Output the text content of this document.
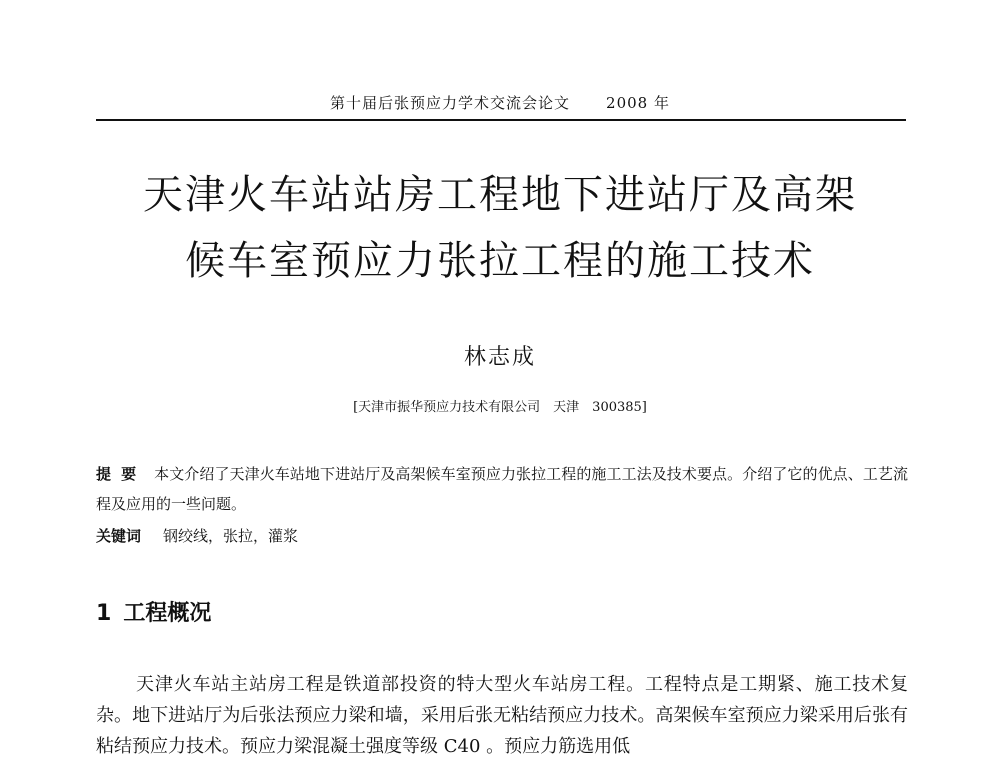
第十届后张预应力学术交流会论文 2008 年
天津火车站站房工程地下进站厅及高架
候车室预应力张拉工程的施工技术
林志成
[天津市振华预应力技术有限公司　天津　300385]
提要 本文介绍了天津火车站地下进站厅及高架候车室预应力张拉工程的施工工法及技术要点。介绍了它的优点、工艺流程及应用的一些问题。
关键词 钢绞线，张拉，灌浆
1 工程概况
天津火车站主站房工程是铁道部投资的特大型火车站房工程。工程特点是工期紧、施工技术复杂。地下进站厅为后张法预应力梁和墙，采用后张无粘结预应力技术。高架候车室预应力梁采用后张有粘结预应力技术。预应力梁混凝土强度等级 C40 。预应力筋选用低
